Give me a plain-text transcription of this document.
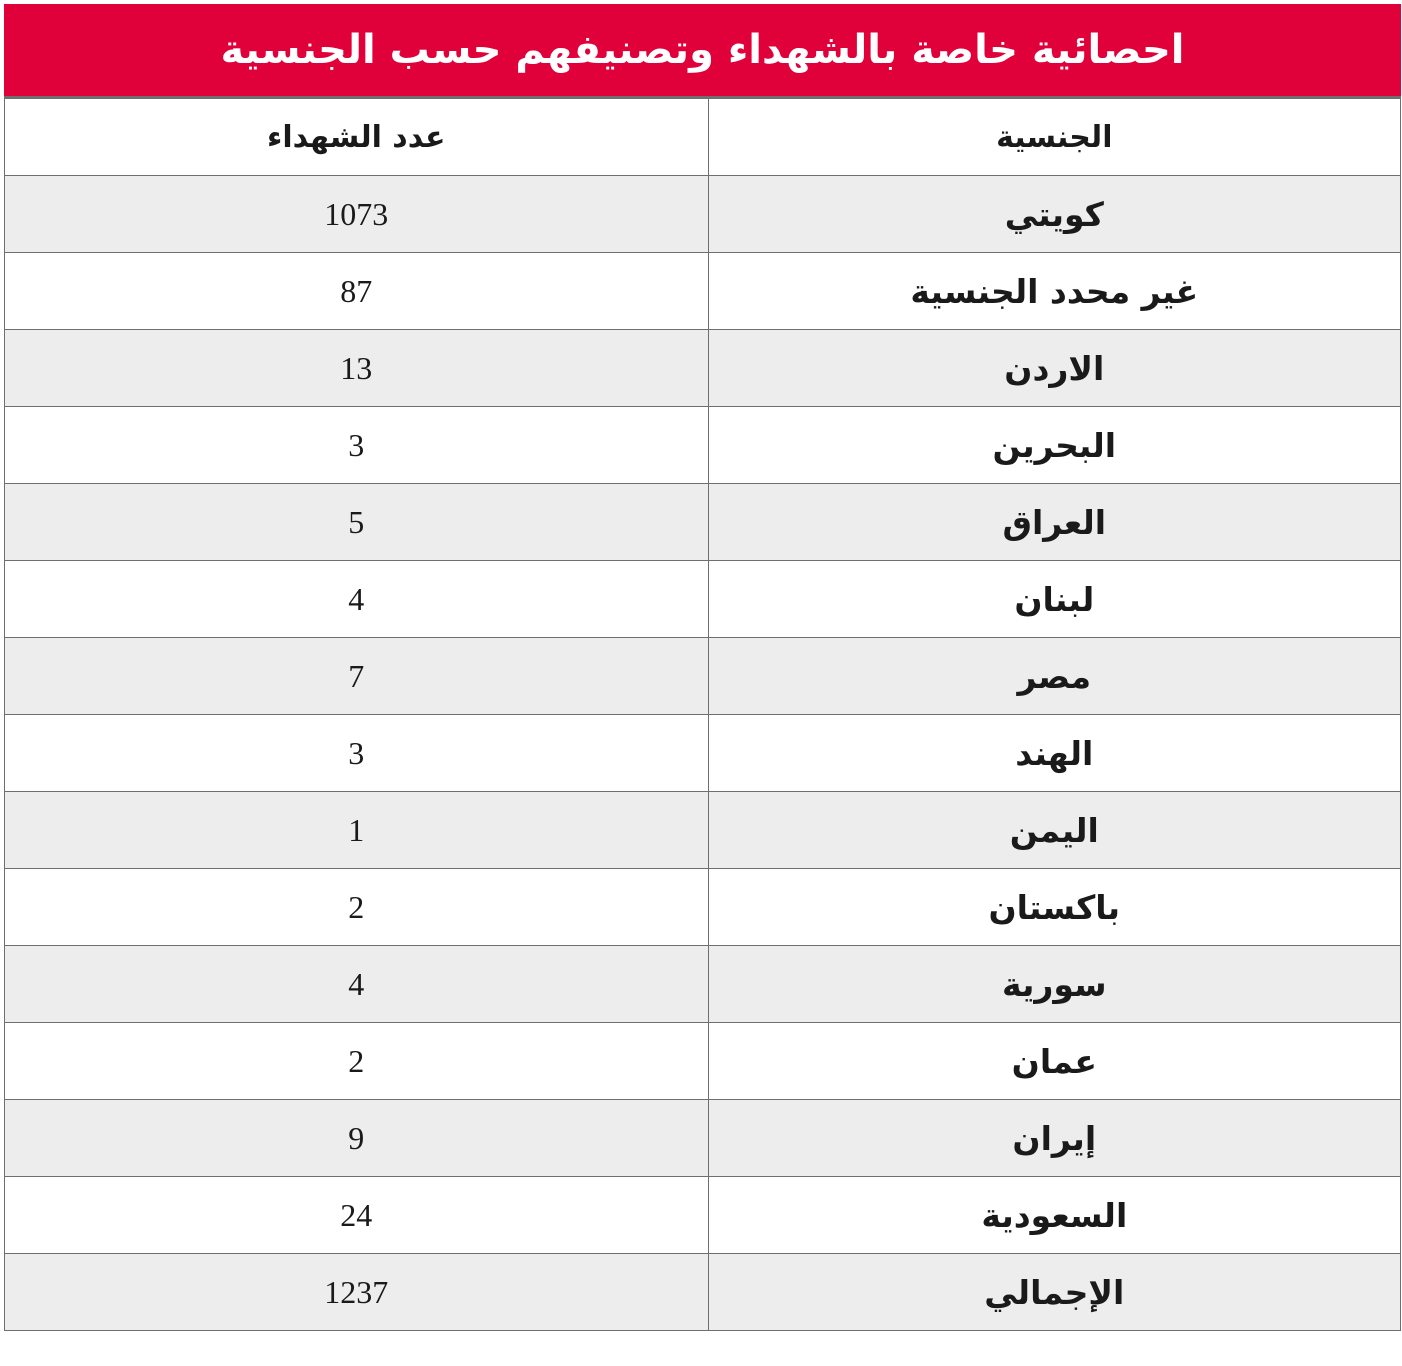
احصائية خاصة بالشهداء وتصنيفهم حسب الجنسية
عدد الشهداء	الجنسية
1073	كويتي
87	غير محدد الجنسية
13	الاردن
3	البحرين
5	العراق
4	لبنان
7	مصر
3	الهند
1	اليمن
2	باكستان
4	سورية
2	عمان
9	إيران
24	السعودية
1237	الإجمالي
